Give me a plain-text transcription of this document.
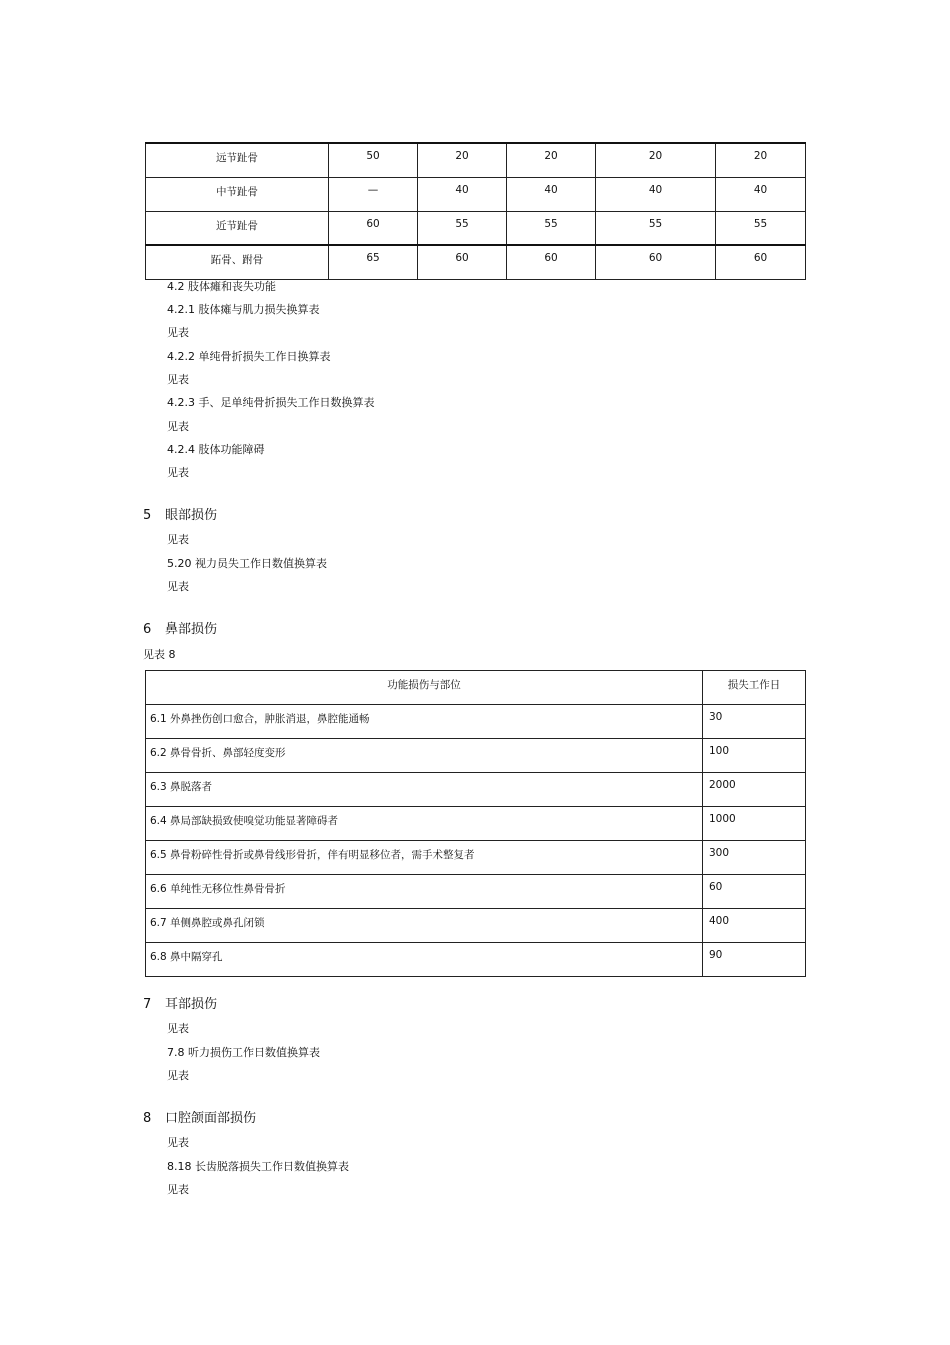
远节趾骨	50	20	20	20	20
中节趾骨	—	40	40	40	40
近节趾骨	60	55	55	55	55
跖骨、跗骨	65	60	60	60	60
4.2 肢体瘫和丧失功能
4.2.1 肢体瘫与肌力损失换算表
见表
4.2.2 单纯骨折损失工作日换算表
见表
4.2.3 手、足单纯骨折损失工作日数换算表
见表
4.2.4 肢体功能障碍
见表
5 眼部损伤
见表
5.20 视力员失工作日数值换算表
见表
6 鼻部损伤
见表 8
功能损伤与部位	损失工作日
6.1 外鼻挫伤创口愈合，肿胀消退，鼻腔能通畅	30
6.2 鼻骨骨折、鼻部轻度变形	100
6.3 鼻脱落者	2000
6.4 鼻局部缺损致使嗅觉功能显著障碍者	1000
6.5 鼻骨粉碎性骨折或鼻骨线形骨折，伴有明显移位者，需手术整复者	300
6.6 单纯性无移位性鼻骨骨折	60
6.7 单侧鼻腔或鼻孔闭锁	400
6.8 鼻中隔穿孔	90
7 耳部损伤
见表
7.8 听力损伤工作日数值换算表
见表
8 口腔颌面部损伤
见表
8.18 长齿脱落损失工作日数值换算表
见表
